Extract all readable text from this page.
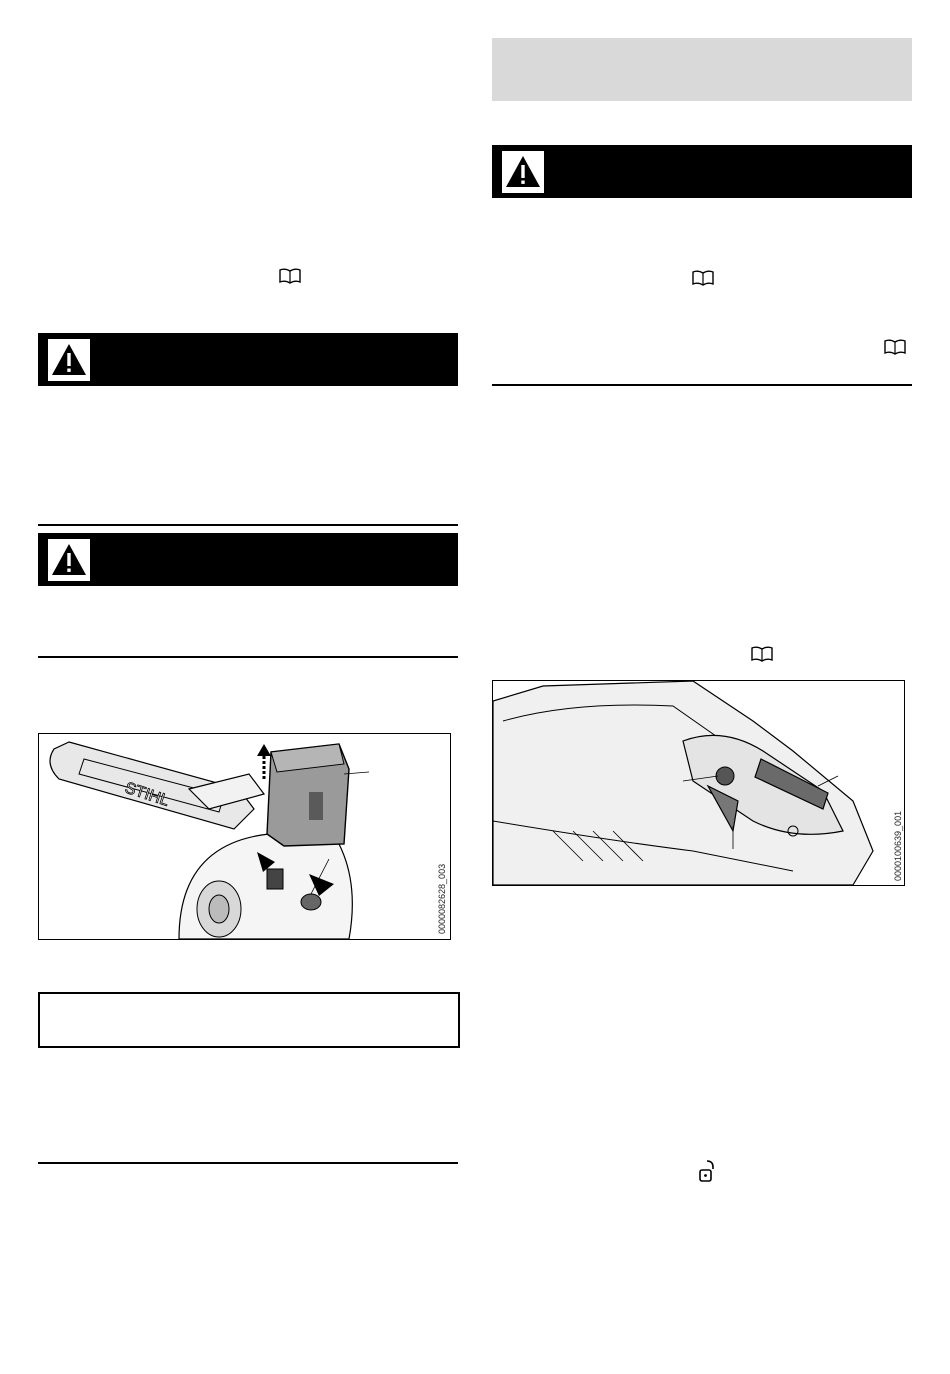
STIHL
0000082628_003
0000100639_001
